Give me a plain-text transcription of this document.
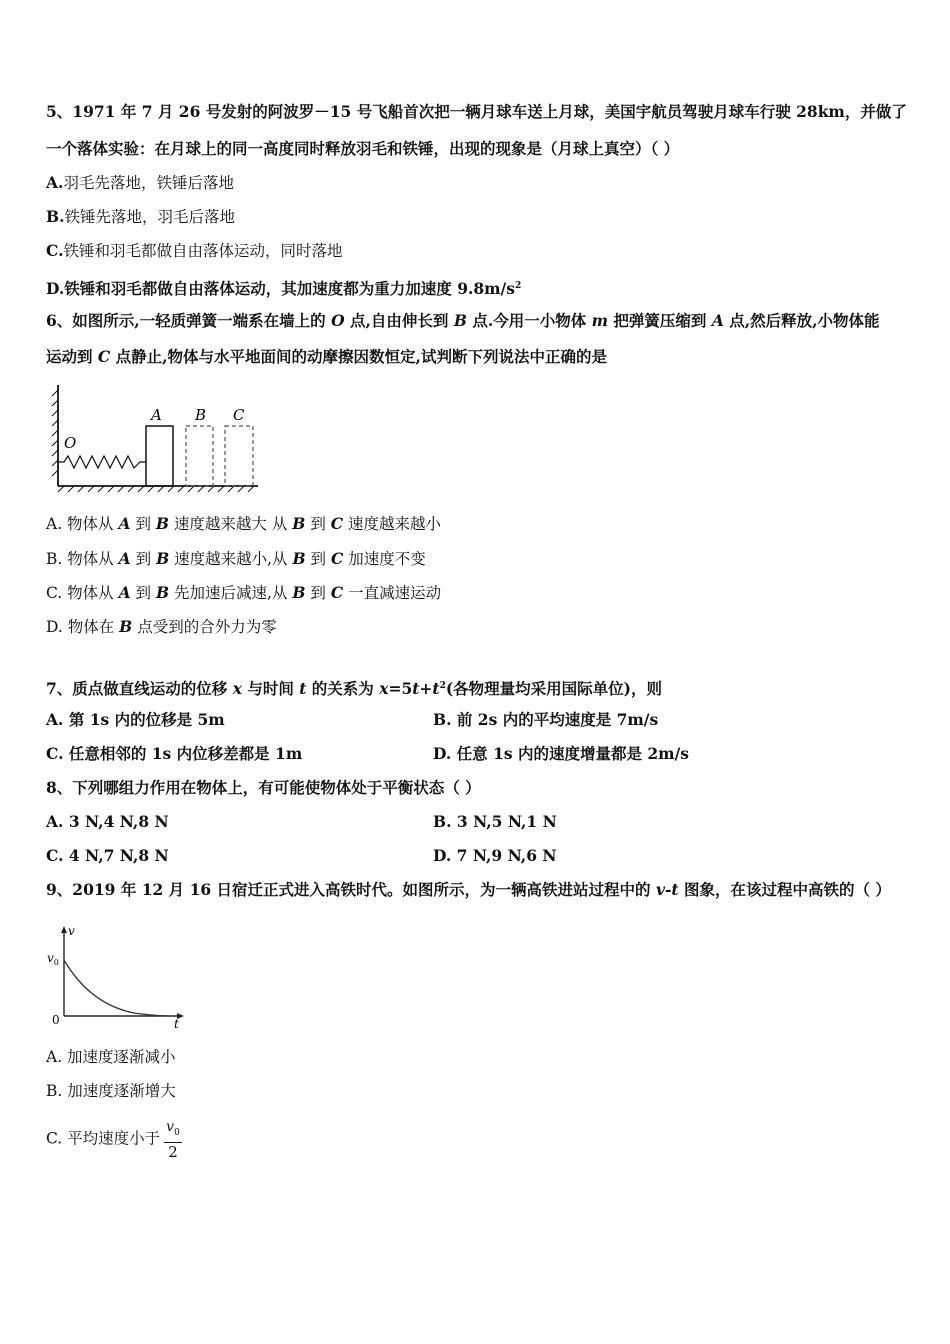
5、1971 年 7 月 26 号发射的阿波罗－15 号飞船首次把一辆月球车送上月球，美国宇航员驾驶月球车行驶 28km，并做了
一个落体实验：在月球上的同一高度同时释放羽毛和铁锤，出现的现象是（月球上真空）（ ）
A.羽毛先落地，铁锤后落地
B.铁锤先落地，羽毛后落地
C.铁锤和羽毛都做自由落体运动，同时落地
D.铁锤和羽毛都做自由落体运动，其加速度都为重力加速度 $9.8m/s^2$
6、如图所示,一轻质弹簧一端系在墙上的 O 点,自由伸长到 B 点.今用一小物体 m 把弹簧压缩到 A 点,然后释放,小物体能
运动到 C 点静止,物体与水平地面间的动摩擦因数恒定,试判断下列说法中正确的是
O
A B C
A. 物体从 A 到 B 速度越来越大 从 B 到 C 速度越来越小
B. 物体从 A 到 B 速度越来越小,从 B 到 C 加速度不变
C. 物体从 A 到 B 先加速后减速,从 B 到 C 一直减速运动
D. 物体在 B 点受到的合外力为零
7、质点做直线运动的位移 x 与时间 t 的关系为 $x=5t+t^2$(各物理量均采用国际单位)，则
A. 第 1s 内的位移是 5m	B. 前 2s 内的平均速度是 7m/s
C. 任意相邻的 1s 内位移差都是 1m	D. 任意 1s 内的速度增量都是 2m/s
8、下列哪组力作用在物体上，有可能使物体处于平衡状态（ ）
A. 3 N,4 N,8 N	B. 3 N,5 N,1 N
C. 4 N,7 N,8 N	D. 7 N,9 N,6 N
9、2019 年 12 月 16 日宿迁正式进入高铁时代。如图所示，为一辆高铁进站过程中的 v-t 图象，在该过程中高铁的（ ）
v
$v_0$
0	t
A. 加速度逐渐减小
B. 加速度逐渐增大
C. 平均速度小于 $\frac{v_0}{2}$
